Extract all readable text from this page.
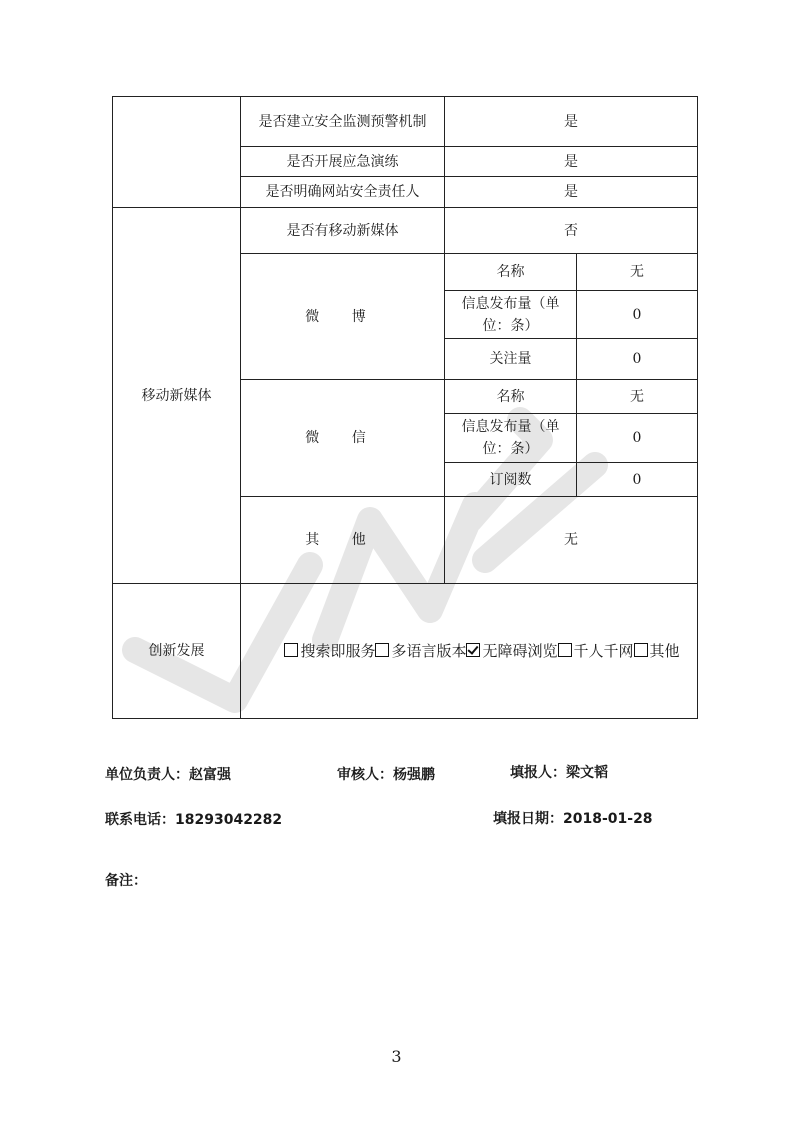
	是否建立安全监测预警机制	是	
	是否开展应急演练	是	
	是否明确网站安全责任人	是	
移动新媒体	是否有移动新媒体	否	
	微 博	名称	无
		信息发布量（单位：条）	0
		关注量	0
	微 信	名称	无
		信息发布量（单位：条）	0
		订阅数	0
	其 他	无	
创新发展	搜索即服务 多语言版本 无障碍浏览 千人千网 其他		
单位负责人：赵富强	审核人：杨强鹏	填报人：梁文韬
联系电话：18293042282	填报日期：2018-01-28
备注：
3
